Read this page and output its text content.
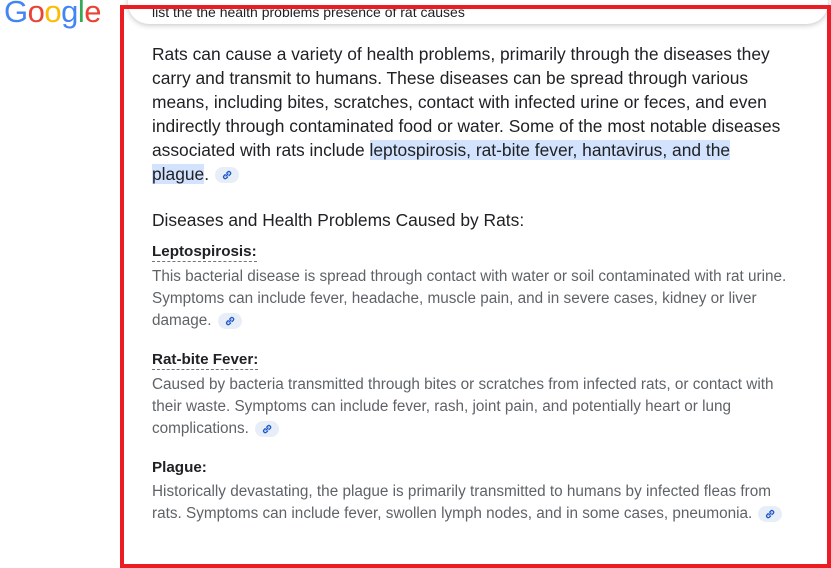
Google	list the the health problems presence of rat causes

Rats can cause a variety of health problems, primarily through the diseases they carry and transmit to humans. These diseases can be spread through various means, including bites, scratches, contact with infected urine or feces, and even indirectly through contaminated food or water. Some of the most notable diseases associated with rats include leptospirosis, rat-bite fever, hantavirus, and the plague.

Diseases and Health Problems Caused by Rats:
Leptospirosis:

This bacterial disease is spread through contact with water or soil contaminated with rat urine. Symptoms can include fever, headache, muscle pain, and in severe cases, kidney or liver damage.

Rat-bite Fever:

Caused by bacteria transmitted through bites or scratches from infected rats, or contact with their waste. Symptoms can include fever, rash, joint pain, and potentially heart or lung complications.

Plague:

Historically devastating, the plague is primarily transmitted to humans by infected fleas from rats. Symptoms can include fever, swollen lymph nodes, and in some cases, pneumonia.
